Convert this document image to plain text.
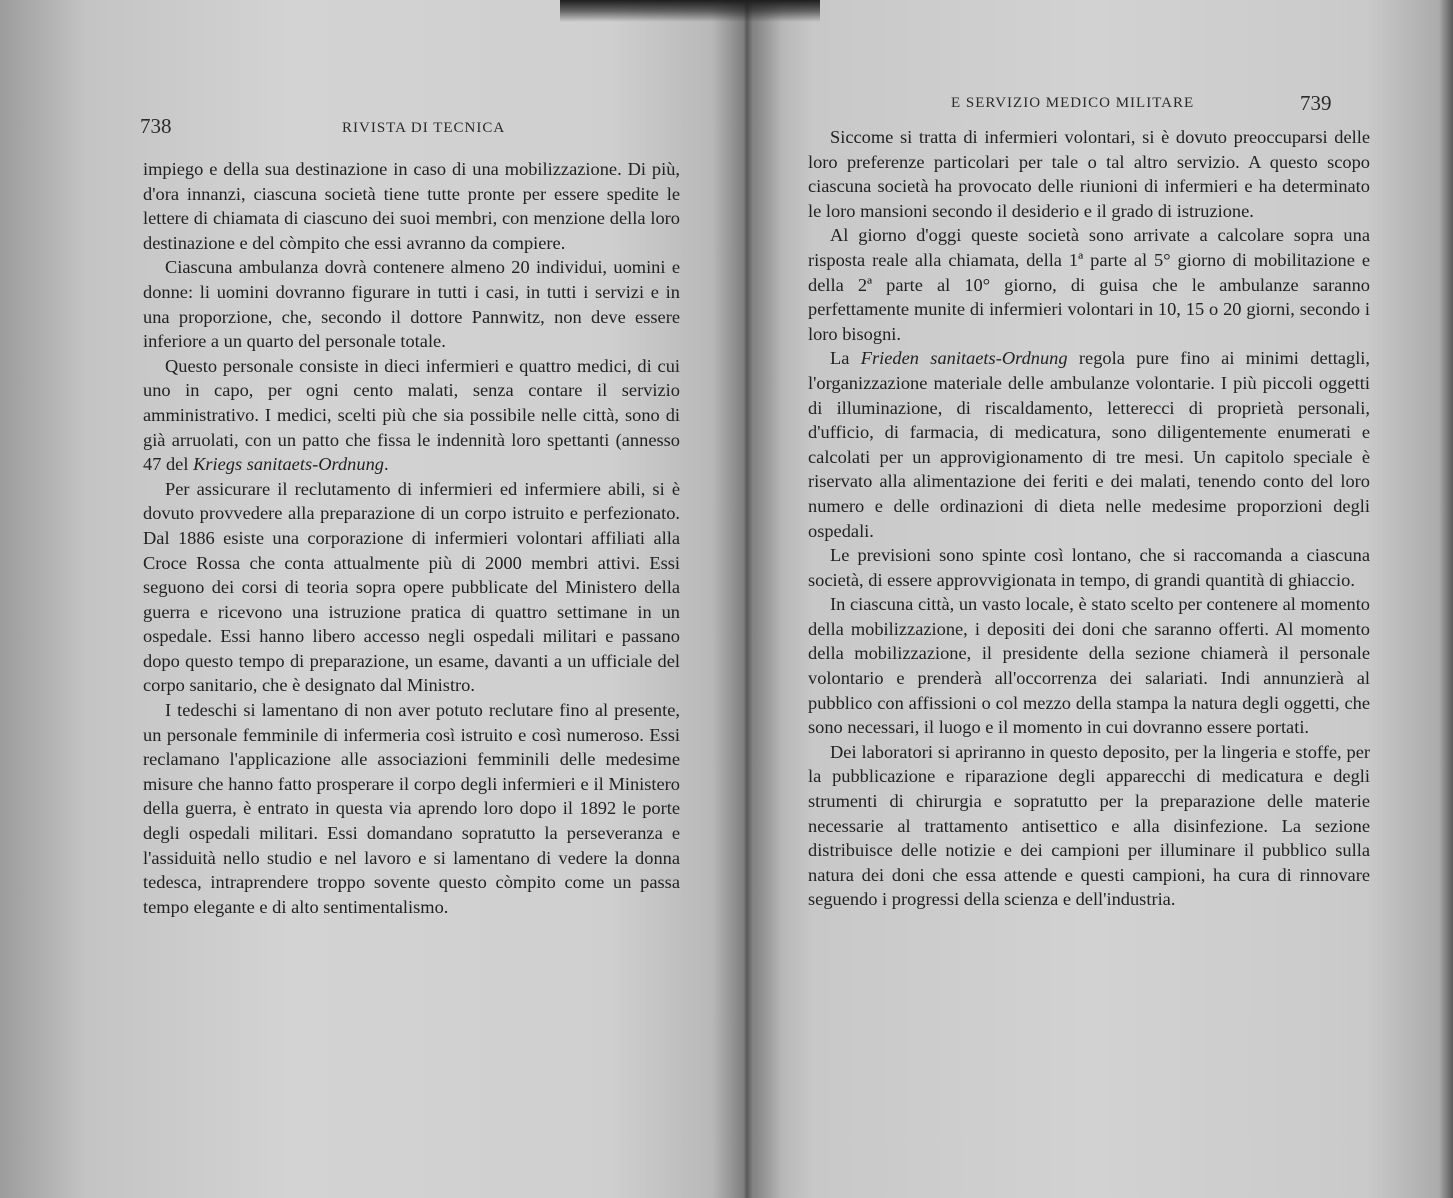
738	RIVISTA DI TECNICA

impiego e della sua destinazione in caso di una mobilizzazione. Di più, d'ora innanzi, ciascuna società tiene tutte pronte per essere spedite le lettere di chiamata di ciascuno dei suoi membri, con menzione della loro destinazione e del còmpito che essi avranno da compiere.

Ciascuna ambulanza dovrà contenere almeno 20 individui, uomini e donne: li uomini dovranno figurare in tutti i casi, in tutti i servizi e in una proporzione, che, secondo il dottore Pannwitz, non deve essere inferiore a un quarto del personale totale.

Questo personale consiste in dieci infermieri e quattro medici, di cui uno in capo, per ogni cento malati, senza contare il servizio amministrativo. I medici, scelti più che sia possibile nelle città, sono di già arruolati, con un patto che fissa le indennità loro spettanti (annesso 47 del Kriegs sanitaets-Ordnung.

Per assicurare il reclutamento di infermieri ed infermiere abili, si è dovuto provvedere alla preparazione di un corpo istruito e perfezionato. Dal 1886 esiste una corporazione di infermieri volontari affiliati alla Croce Rossa che conta attualmente più di 2000 membri attivi. Essi seguono dei corsi di teoria sopra opere pubblicate del Ministero della guerra e ricevono una istruzione pratica di quattro settimane in un ospedale. Essi hanno libero accesso negli ospedali militari e passano dopo questo tempo di preparazione, un esame, davanti a un ufficiale del corpo sanitario, che è designato dal Ministro.

I tedeschi si lamentano di non aver potuto reclutare fino al presente, un personale femminile di infermeria così istruito e così numeroso. Essi reclamano l'applicazione alle associazioni femminili delle medesime misure che hanno fatto prosperare il corpo degli infermieri e il Ministero della guerra, è entrato in questa via aprendo loro dopo il 1892 le porte degli ospedali militari. Essi domandano sopratutto la perseveranza e l'assiduità nello studio e nel lavoro e si lamentano di vedere la donna tedesca, intraprendere troppo sovente questo còmpito come un passa tempo elegante e di alto sentimentalismo.

E SERVIZIO MEDICO MILITARE	739

Siccome si tratta di infermieri volontari, si è dovuto preoccuparsi delle loro preferenze particolari per tale o tal altro servizio. A questo scopo ciascuna società ha provocato delle riunioni di infermieri e ha determinato le loro mansioni secondo il desiderio e il grado di istruzione.

Al giorno d'oggi queste società sono arrivate a calcolare sopra una risposta reale alla chiamata, della 1ª parte al 5° giorno di mobilitazione e della 2ª parte al 10° giorno, di guisa che le ambulanze saranno perfettamente munite di infermieri volontari in 10, 15 o 20 giorni, secondo i loro bisogni.

La Frieden sanitaets-Ordnung regola pure fino ai minimi dettagli, l'organizzazione materiale delle ambulanze volontarie. I più piccoli oggetti di illuminazione, di riscaldamento, letterecci di proprietà personali, d'ufficio, di farmacia, di medicatura, sono diligentemente enumerati e calcolati per un approvigionamento di tre mesi. Un capitolo speciale è riservato alla alimentazione dei feriti e dei malati, tenendo conto del loro numero e delle ordinazioni di dieta nelle medesime proporzioni degli ospedali.

Le previsioni sono spinte così lontano, che si raccomanda a ciascuna società, di essere approvvigionata in tempo, di grandi quantità di ghiaccio.

In ciascuna città, un vasto locale, è stato scelto per contenere al momento della mobilizzazione, i depositi dei doni che saranno offerti. Al momento della mobilizzazione, il presidente della sezione chiamerà il personale volontario e prenderà all'occorrenza dei salariati. Indi annunzierà al pubblico con affissioni o col mezzo della stampa la natura degli oggetti, che sono necessari, il luogo e il momento in cui dovranno essere portati.

Dei laboratori si apriranno in questo deposito, per la lingeria e stoffe, per la pubblicazione e riparazione degli apparecchi di medicatura e degli strumenti di chirurgia e sopratutto per la preparazione delle materie necessarie al trattamento antisettico e alla disinfezione. La sezione distribuisce delle notizie e dei campioni per illuminare il pubblico sulla natura dei doni che essa attende e questi campioni, ha cura di rinnovare seguendo i progressi della scienza e dell'industria.
